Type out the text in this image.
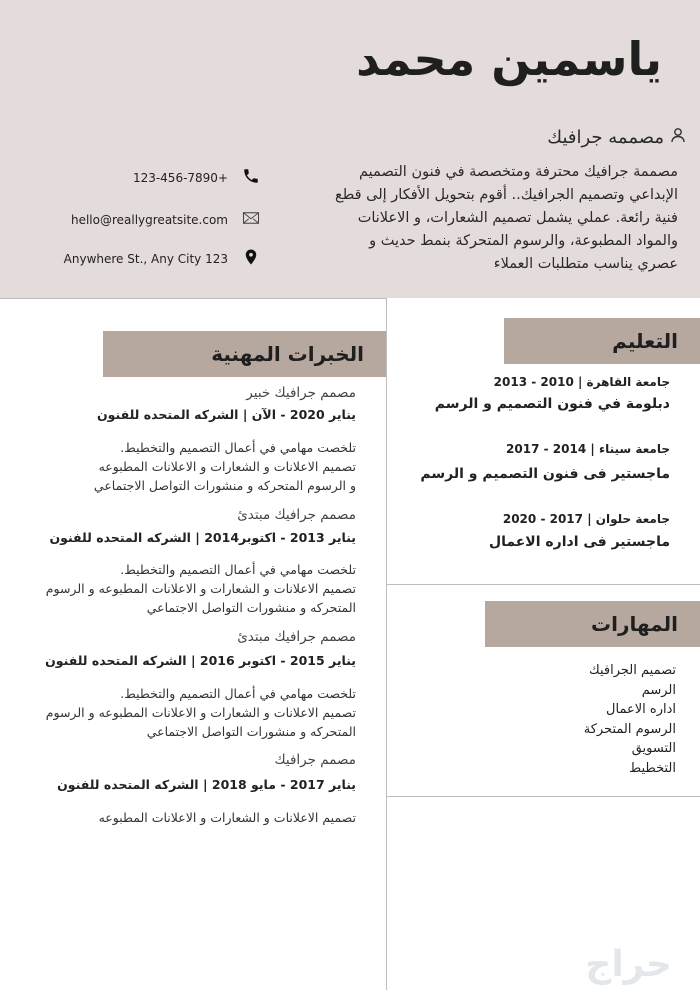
ياسمين محمد
مصممه جرافيك
مصممة جرافيك محترفة ومتخصصة في فنون التصميم
الإبداعي وتصميم الجرافيك.. أقوم بتحويل الأفكار إلى قطع
فنية رائعة. عملي يشمل تصميم الشعارات، و الاعلانات
والمواد المطبوعة، والرسوم المتحركة بنمط حديث و
عصري يناسب متطلبات العملاء
123-456-7890+
hello@reallygreatsite.com
Anywhere St., Any City 123
التعليم
جامعة القاهرة | 2010 - 2013
دبلومة في فنون التصميم و الرسم
جامعة سيناء | 2014 - 2017
ماجستير فى فنون التصميم و الرسم
جامعة حلوان | 2017 - 2020
ماجستير فى اداره الاعمال
المهارات
تصميم الجرافيك
الرسم
اداره الاعمال
الرسوم المتحركة
التسويق
التخطيط
الخبرات المهنية
مصمم جرافيك خبير
يناير 2020 - الآن | الشركه المتحده للفنون
تلخصت مهامي في أعمال التصميم والتخطيط.
تصميم الاعلانات و الشعارات و الاعلانات المطبوعه
و الرسوم المتحركه و منشورات التواصل الاجتماعي
مصمم جرافيك مبتدئ
يناير 2013 - اكتوبر2014 | الشركه المتحده للفنون
تلخصت مهامي في أعمال التصميم والتخطيط.
تصميم الاعلانات و الشعارات و الاعلانات المطبوعه و الرسوم
المتحركه و منشورات التواصل الاجتماعي
مصمم جرافيك مبتدئ
يناير 2015 - اكتوبر 2016 | الشركه المتحده للفنون
تلخصت مهامي في أعمال التصميم والتخطيط.
تصميم الاعلانات و الشعارات و الاعلانات المطبوعه و الرسوم
المتحركه و منشورات التواصل الاجتماعي
مصمم جرافيك
يناير 2017 - مايو 2018 | الشركه المتحده للفنون
تصميم الاعلانات و الشعارات و الاعلانات المطبوعه
حراج
